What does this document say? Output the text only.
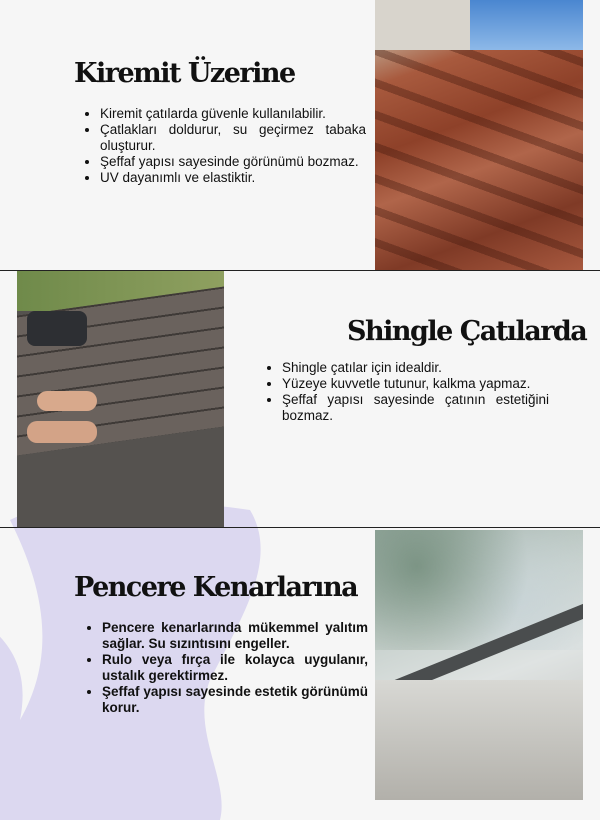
Kiremit Üzerine
• Kiremit çatılarda güvenle kullanılabilir.
• Çatlakları doldurur, su geçirmez tabaka oluşturur.
• Şeffaf yapısı sayesinde görünümü bozmaz.
• UV dayanımlı ve elastiktir.
Shingle Çatılarda
• Shingle çatılar için idealdir.
• Yüzeye kuvvetle tutunur, kalkma yapmaz.
• Şeffaf yapısı sayesinde çatının estetiğini bozmaz.
Pencere Kenarlarına
• Pencere kenarlarında mükemmel yalıtım sağlar. Su sızıntısını engeller.
• Rulo veya fırça ile kolayca uygulanır, ustalık gerektirmez.
• Şeffaf yapısı sayesinde estetik görünümü korur.
